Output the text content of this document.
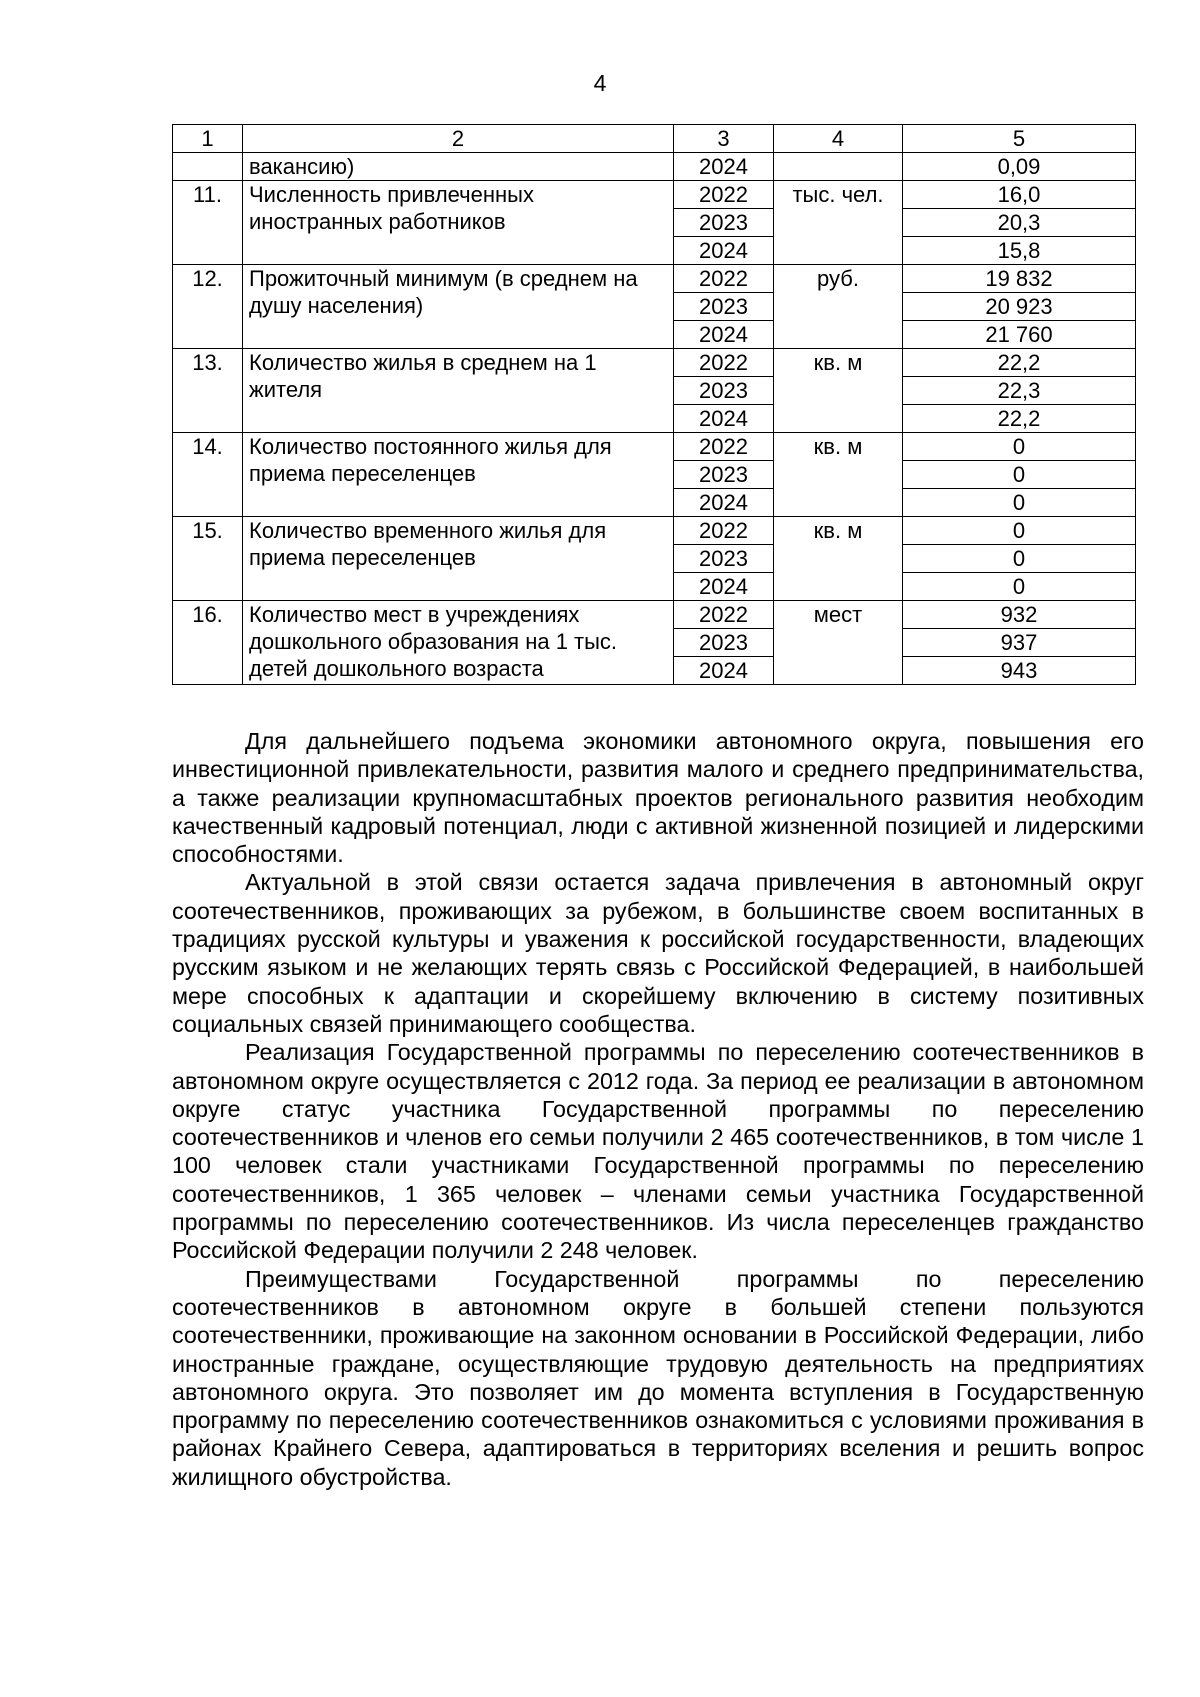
4
1	2	3	4	5
	вакансию)	2024		0,09
11.	Численность привлеченных иностранных работников	2022	тыс. чел.	16,0
		2023		20,3
		2024		15,8
12.	Прожиточный минимум (в среднем на душу населения)	2022	руб.	19 832
		2023		20 923
		2024		21 760
13.	Количество жилья в среднем на 1 жителя	2022	кв. м	22,2
		2023		22,3
		2024		22,2
14.	Количество постоянного жилья для приема переселенцев	2022	кв. м	0
		2023		0
		2024		0
15.	Количество временного жилья для приема переселенцев	2022	кв. м	0
		2023		0
		2024		0
16.	Количество мест в учреждениях дошкольного образования на 1 тыс. детей дошкольного возраста	2022	мест	932
		2023		937
		2024		943

Для дальнейшего подъема экономики автономного округа, повышения его инвестиционной привлекательности, развития малого и среднего предпринимательства, а также реализации крупномасштабных проектов регионального развития необходим качественный кадровый потенциал, люди с активной жизненной позицией и лидерскими способностями.

Актуальной в этой связи остается задача привлечения в автономный округ соотечественников, проживающих за рубежом, в большинстве своем воспитанных в традициях русской культуры и уважения к российской государственности, владеющих русским языком и не желающих терять связь с Российской Федерацией, в наибольшей мере способных к адаптации и скорейшему включению в систему позитивных социальных связей принимающего сообщества.

Реализация Государственной программы по переселению соотечественников в автономном округе осуществляется с 2012 года. За период ее реализации в автономном округе статус участника Государственной программы по переселению соотечественников и членов его семьи получили 2 465 соотечественников, в том числе 1 100 человек стали участниками Государственной программы по переселению соотечественников, 1 365 человек – членами семьи участника Государственной программы по переселению соотечественников. Из числа переселенцев гражданство Российской Федерации получили 2 248 человек.

Преимуществами Государственной программы по переселению соотечественников в автономном округе в большей степени пользуются соотечественники, проживающие на законном основании в Российской Федерации, либо иностранные граждане, осуществляющие трудовую деятельность на предприятиях автономного округа. Это позволяет им до момента вступления в Государственную программу по переселению соотечественников ознакомиться с условиями проживания в районах Крайнего Севера, адаптироваться в территориях вселения и решить вопрос жилищного обустройства.
